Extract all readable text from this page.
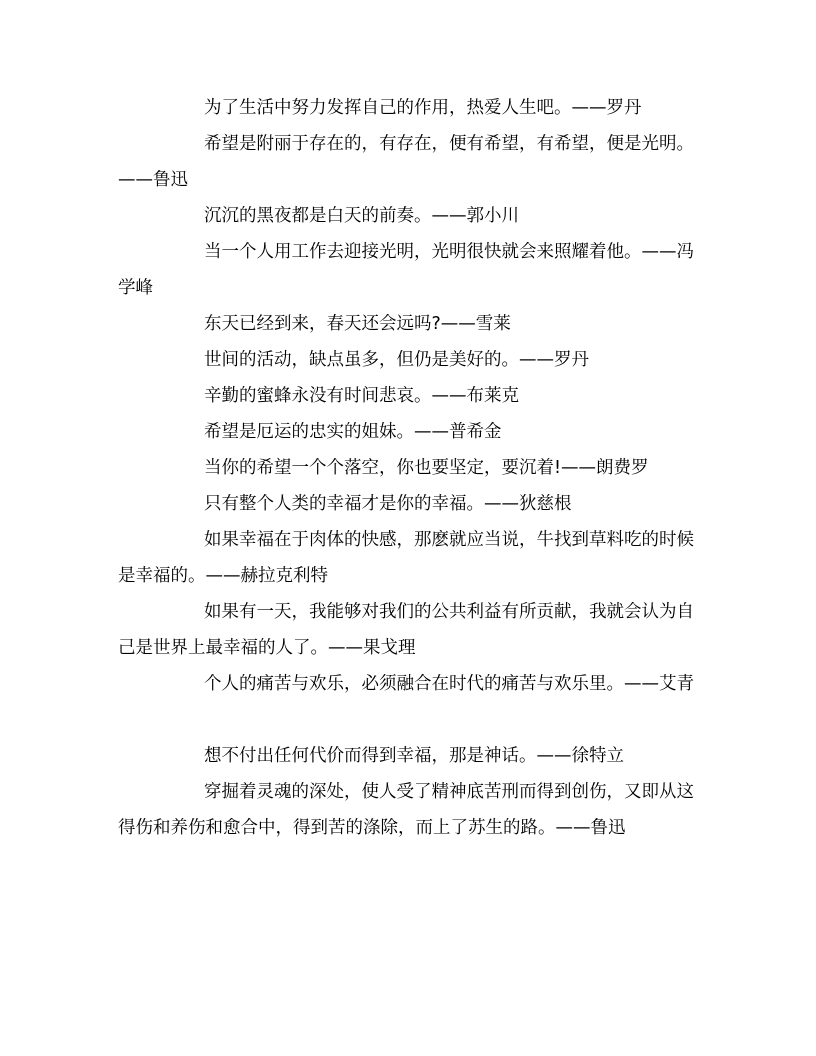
为了生活中努力发挥自己的作用，热爱人生吧。——罗丹

希望是附丽于存在的，有存在，便有希望，有希望，便是光明。——鲁迅

沉沉的黑夜都是白天的前奏。——郭小川

当一个人用工作去迎接光明，光明很快就会来照耀着他。——冯学峰

东天已经到来，春天还会远吗?——雪莱

世间的活动，缺点虽多，但仍是美好的。——罗丹

辛勤的蜜蜂永没有时间悲哀。——布莱克

希望是厄运的忠实的姐妹。——普希金

当你的希望一个个落空，你也要坚定，要沉着!——朗费罗

只有整个人类的幸福才是你的幸福。——狄慈根

如果幸福在于肉体的快感，那麽就应当说，牛找到草料吃的时候是幸福的。——赫拉克利特

如果有一天，我能够对我们的公共利益有所贡献，我就会认为自己是世界上最幸福的人了。——果戈理

个人的痛苦与欢乐，必须融合在时代的痛苦与欢乐里。——艾青

想不付出任何代价而得到幸福，那是神话。——徐特立

穿掘着灵魂的深处，使人受了精神底苦刑而得到创伤，又即从这得伤和养伤和愈合中，得到苦的涤除，而上了苏生的路。——鲁迅
